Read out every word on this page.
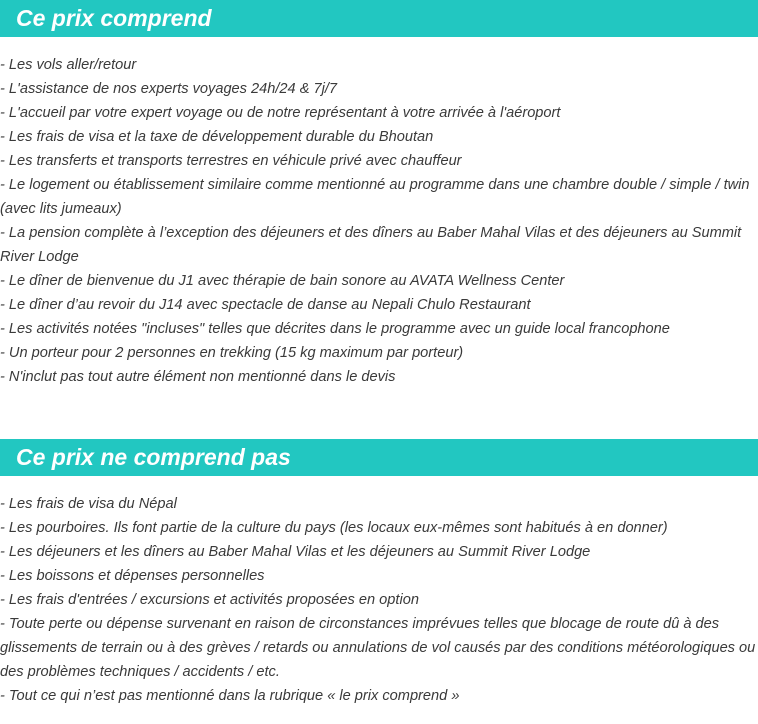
Ce prix comprend
- Les vols aller/retour
- L'assistance de nos experts voyages 24h/24 & 7j/7
- L'accueil par votre expert voyage ou de notre représentant à votre arrivée à l'aéroport
- Les frais de visa et la taxe de développement durable du Bhoutan
- Les transferts et transports terrestres en véhicule privé avec chauffeur
- Le logement ou établissement similaire comme mentionné au programme dans une chambre double / simple / twin (avec lits jumeaux)
- La pension complète à l’exception des déjeuners et des dîners au Baber Mahal Vilas et des déjeuners au Summit River Lodge
- Le dîner de bienvenue du J1 avec thérapie de bain sonore au AVATA Wellness Center
- Le dîner d’au revoir du J14 avec spectacle de danse au Nepali Chulo Restaurant
- Les activités notées "incluses" telles que décrites dans le programme avec un guide local francophone
- Un porteur pour 2 personnes en trekking (15 kg maximum par porteur)
- N'inclut pas tout autre élément non mentionné dans le devis
Ce prix ne comprend pas
- Les frais de visa du Népal
- Les pourboires. Ils font partie de la culture du pays (les locaux eux-mêmes sont habitués à en donner)
- Les déjeuners et les dîners au Baber Mahal Vilas et les déjeuners au Summit River Lodge
- Les boissons et dépenses personnelles
- Les frais d'entrées / excursions et activités proposées en option
- Toute perte ou dépense survenant en raison de circonstances imprévues telles que blocage de route dû à des glissements de terrain ou à des grèves / retards ou annulations de vol causés par des conditions météorologiques ou des problèmes techniques / accidents / etc.
- Tout ce qui n’est pas mentionné dans la rubrique « le prix comprend »
